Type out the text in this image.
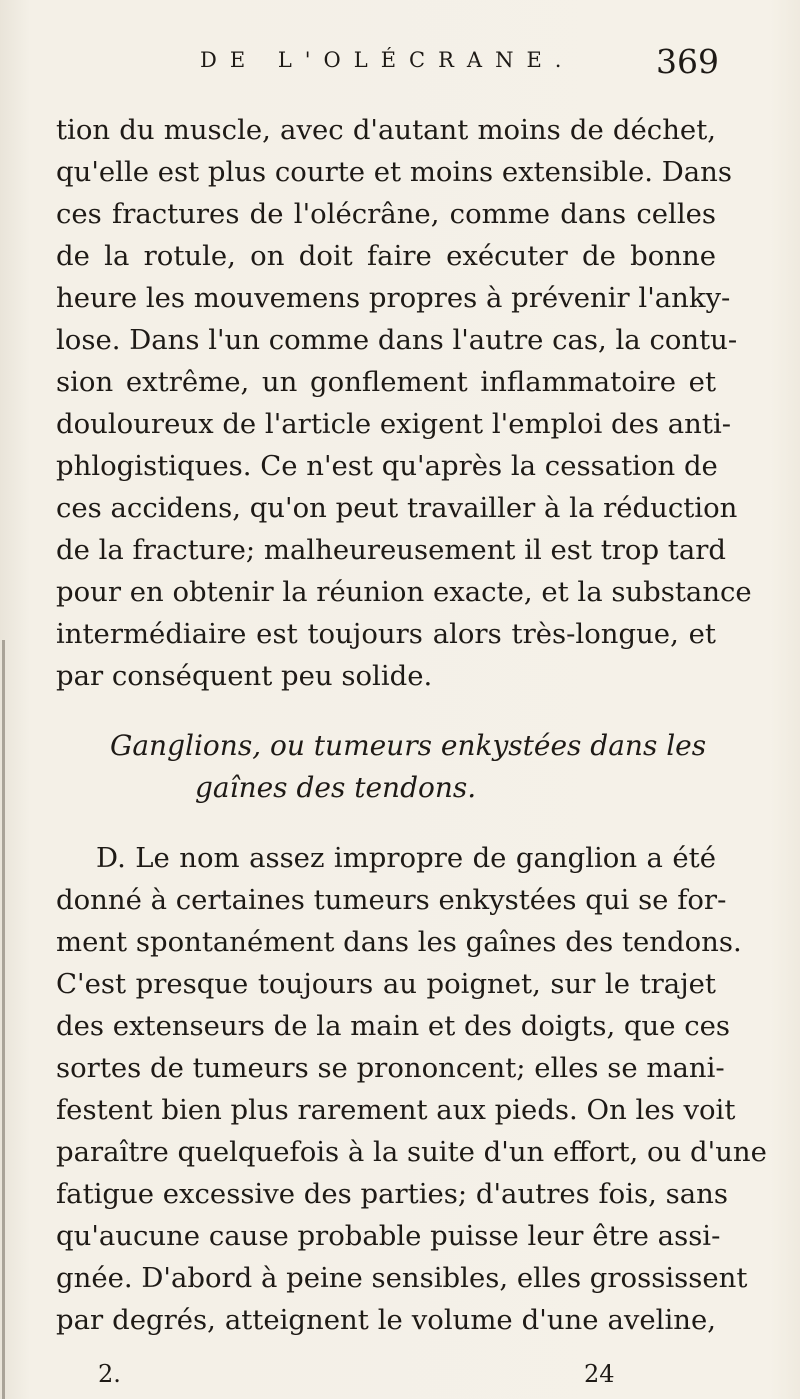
DE L'OLÉCRANE. 369
tion du muscle, avec d'autant moins de déchet,
qu'elle est plus courte et moins extensible. Dans
ces fractures de l'olécrâne, comme dans celles
de la rotule, on doit faire exécuter de bonne
heure les mouvemens propres à prévenir l'anky-
lose. Dans l'un comme dans l'autre cas, la contu-
sion extrême, un gonflement inflammatoire et
douloureux de l'article exigent l'emploi des anti-
phlogistiques. Ce n'est qu'après la cessation de
ces accidens, qu'on peut travailler à la réduction
de la fracture; malheureusement il est trop tard
pour en obtenir la réunion exacte, et la substance
intermédiaire est toujours alors très-longue, et
par conséquent peu solide.
Ganglions, ou tumeurs enkystées dans les
gaînes des tendons.
D. Le nom assez impropre de ganglion a été
donné à certaines tumeurs enkystées qui se for-
ment spontanément dans les gaînes des tendons.
C'est presque toujours au poignet, sur le trajet
des extenseurs de la main et des doigts, que ces
sortes de tumeurs se prononcent; elles se mani-
festent bien plus rarement aux pieds. On les voit
paraître quelquefois à la suite d'un effort, ou d'une
fatigue excessive des parties; d'autres fois, sans
qu'aucune cause probable puisse leur être assi-
gnée. D'abord à peine sensibles, elles grossissent
par degrés, atteignent le volume d'une aveline,
2.	24
